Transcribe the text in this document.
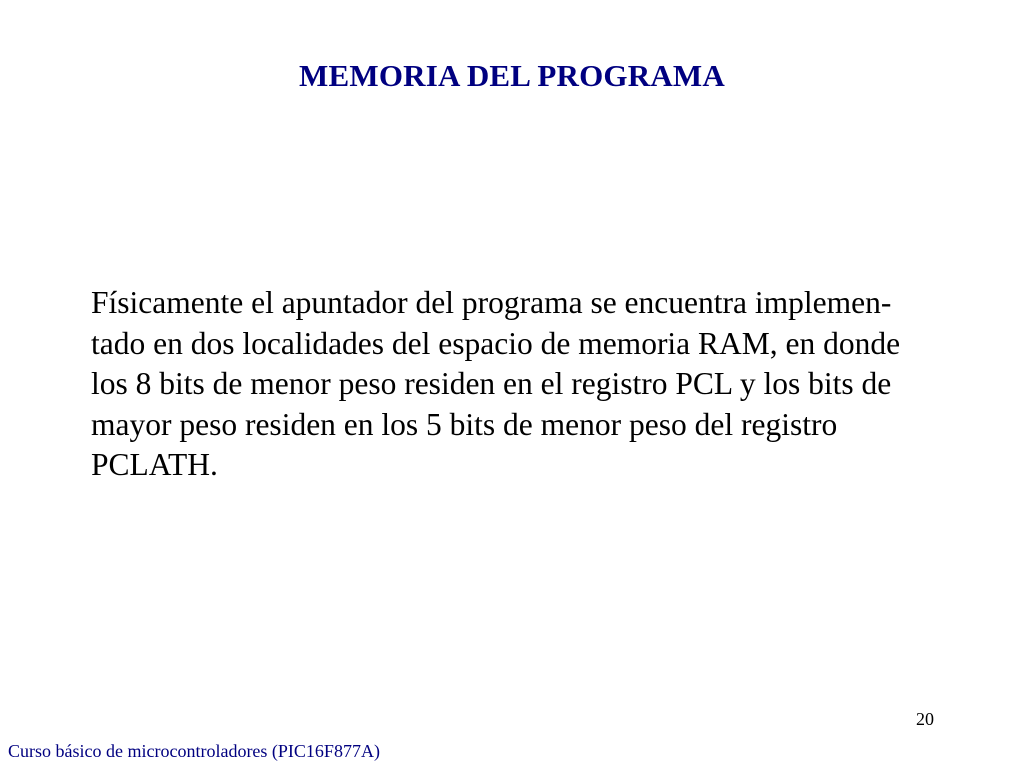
MEMORIA DEL PROGRAMA

Físicamente el apuntador del programa se encuentra implemen-
tado en dos localidades del espacio de memoria RAM, en donde
los 8 bits de menor peso residen en el registro PCL y los bits de
mayor peso residen en los 5 bits de menor peso del registro
PCLATH.

20
Curso básico de microcontroladores (PIC16F877A)
